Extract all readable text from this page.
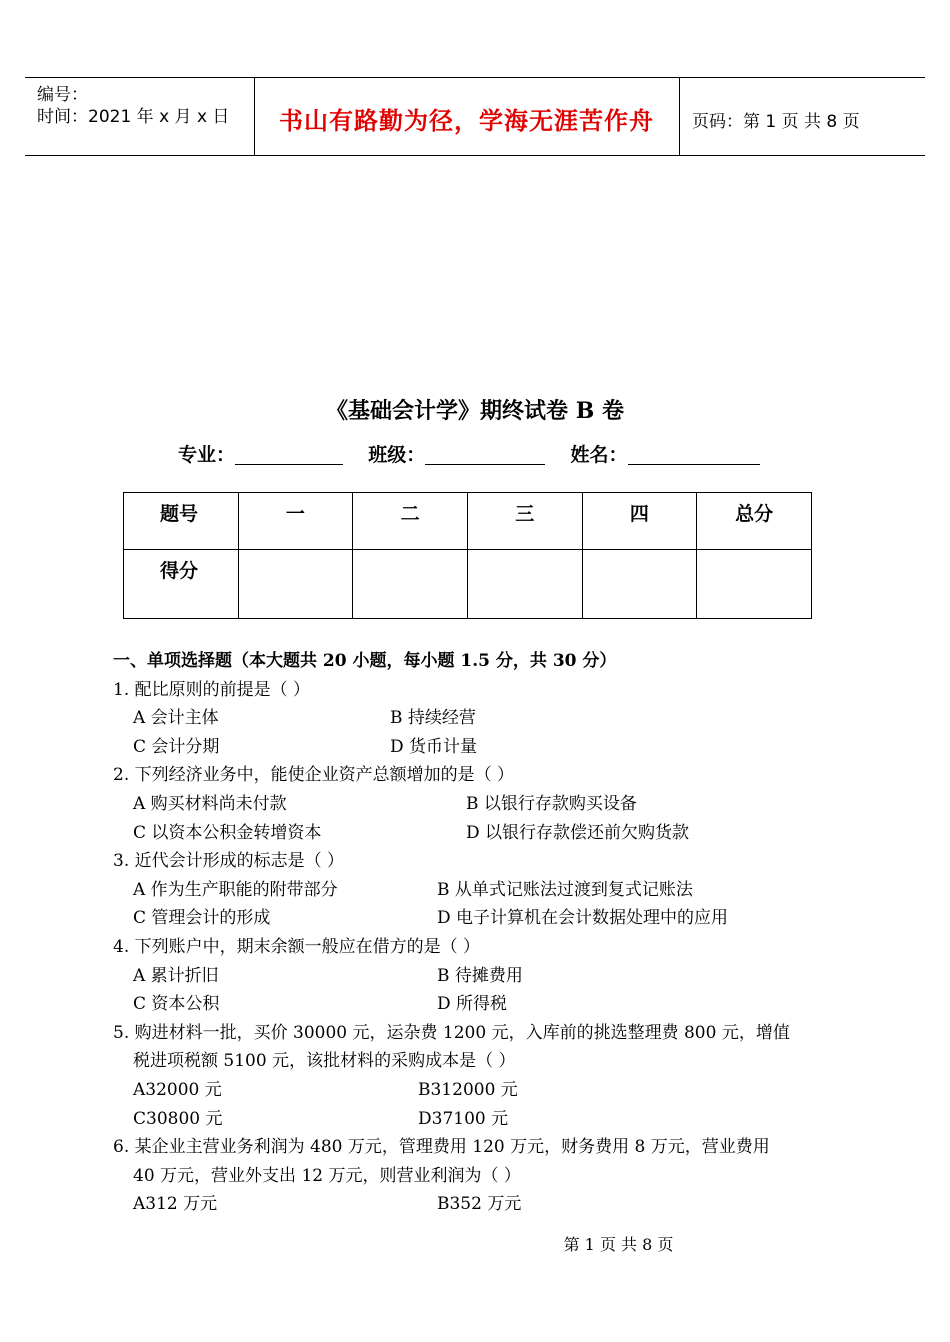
编号：
时间：2021 年 x 月 x 日	书山有路勤为径，学海无涯苦作舟	页码：第 1 页 共 8 页
《基础会计学》期终试卷 B 卷
专业：	班级：	姓名：
题号	一	二	三	四	总分
得分					
一、单项选择题（本大题共 20 小题，每小题 1.5 分，共 30 分）
1. 配比原则的前提是（ ）
A 会计主体	B 持续经营
C 会计分期	D 货币计量
2. 下列经济业务中，能使企业资产总额增加的是（ ）
A 购买材料尚未付款	B 以银行存款购买设备
C 以资本公积金转增资本	D 以银行存款偿还前欠购货款
3. 近代会计形成的标志是（ ）
A 作为生产职能的附带部分	B 从单式记账法过渡到复式记账法
C 管理会计的形成	D 电子计算机在会计数据处理中的应用
4. 下列账户中，期末余额一般应在借方的是（ ）
A 累计折旧	B 待摊费用
C 资本公积	D 所得税
5. 购进材料一批，买价 30000 元，运杂费 1200 元，入库前的挑选整理费 800 元，增值
税进项税额 5100 元，该批材料的采购成本是（ ）
A32000 元	B312000 元
C30800 元	D37100 元
6. 某企业主营业务利润为 480 万元，管理费用 120 万元，财务费用 8 万元，营业费用
40 万元，营业外支出 12 万元，则营业利润为（ ）
A312 万元	B352 万元
第 1 页 共 8 页
